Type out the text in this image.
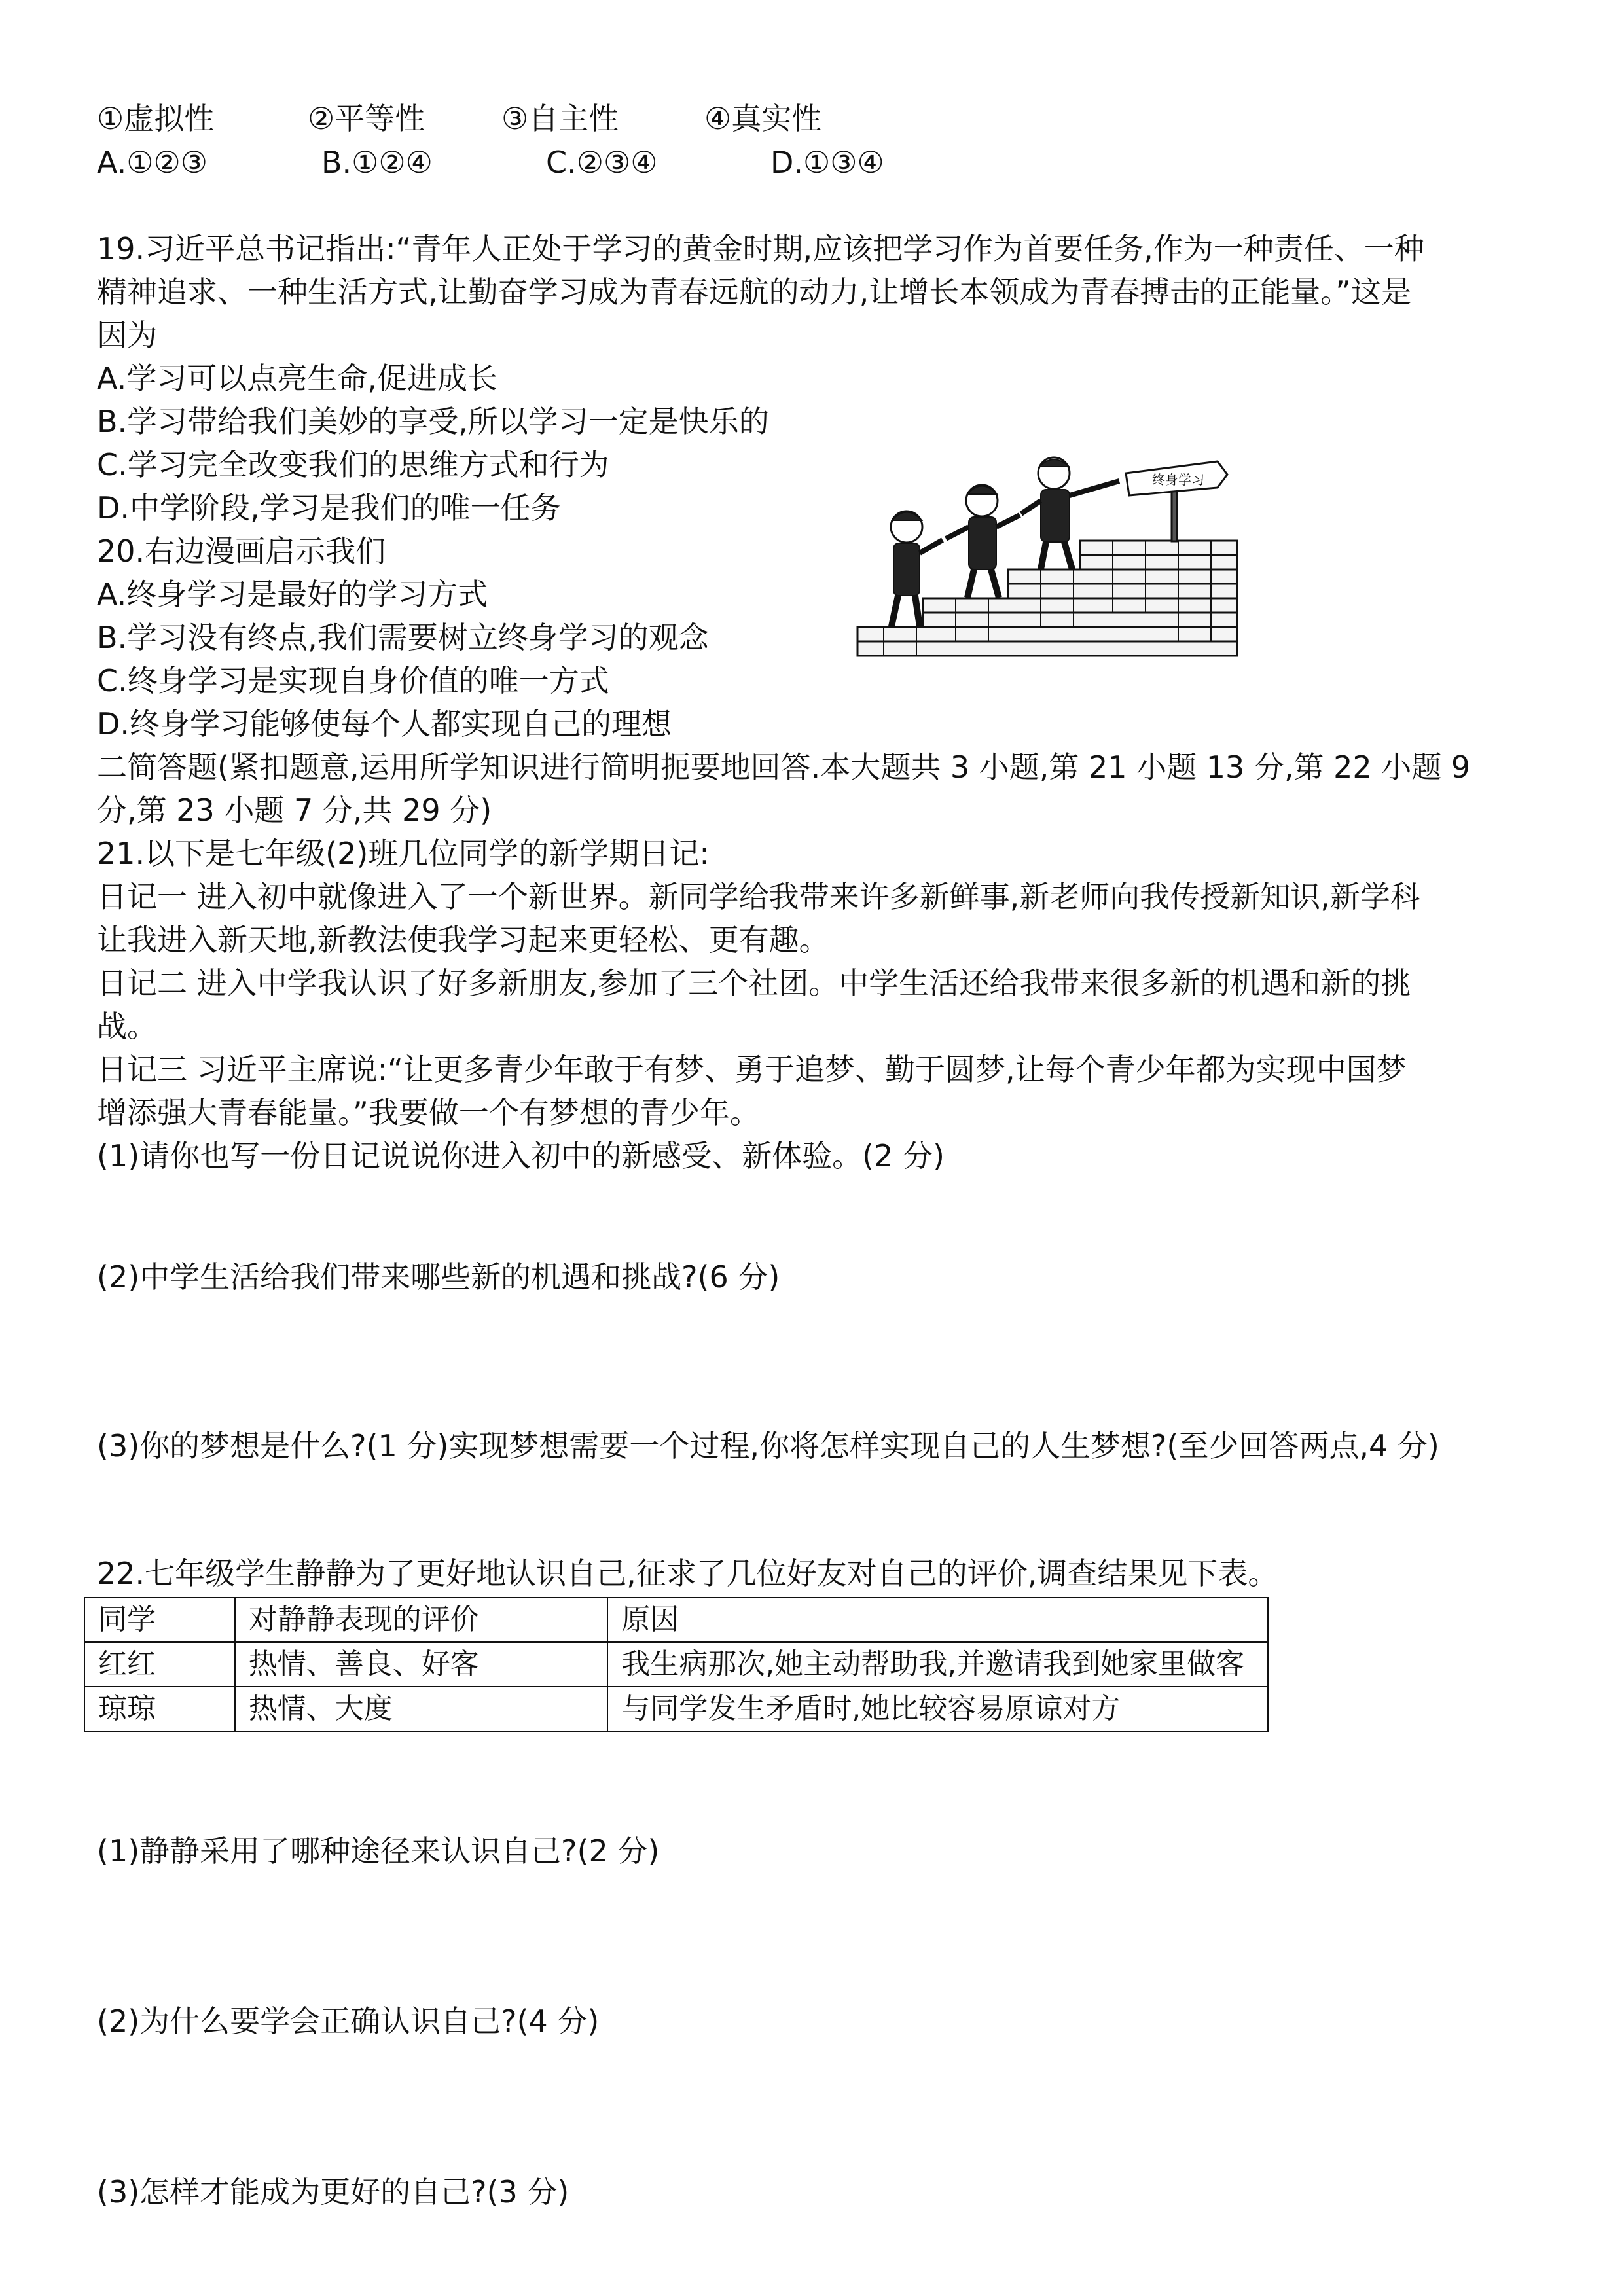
①虚拟性	②平等性	③自主性	④真实性
A.①②③	B.①②④	C.②③④	D.①③④
19.习近平总书记指出:“青年人正处于学习的黄金时期,应该把学习作为首要任务,作为一种责任、一种
精神追求、一种生活方式,让勤奋学习成为青春远航的动力,让增长本领成为青春搏击的正能量。”这是
因为
A.学习可以点亮生命,促进成长
B.学习带给我们美妙的享受,所以学习一定是快乐的
C.学习完全改变我们的思维方式和行为
D.中学阶段,学习是我们的唯一任务
20.右边漫画启示我们
A.终身学习是最好的学习方式
B.学习没有终点,我们需要树立终身学习的观念
C.终身学习是实现自身价值的唯一方式
D.终身学习能够使每个人都实现自己的理想
终身学习
二简答题(紧扣题意,运用所学知识进行简明扼要地回答.本大题共 3 小题,第 21 小题 13 分,第 22 小题 9
分,第 23 小题 7 分,共 29 分)
21.以下是七年级(2)班几位同学的新学期日记:
日记一 进入初中就像进入了一个新世界。新同学给我带来许多新鲜事,新老师向我传授新知识,新学科
让我进入新天地,新教法使我学习起来更轻松、更有趣。
日记二 进入中学我认识了好多新朋友,参加了三个社团。中学生活还给我带来很多新的机遇和新的挑
战。
日记三 习近平主席说:“让更多青少年敢于有梦、勇于追梦、勤于圆梦,让每个青少年都为实现中国梦
增添强大青春能量。”我要做一个有梦想的青少年。
(1)请你也写一份日记说说你进入初中的新感受、新体验。(2 分)
(2)中学生活给我们带来哪些新的机遇和挑战?(6 分)
(3)你的梦想是什么?(1 分)实现梦想需要一个过程,你将怎样实现自己的人生梦想?(至少回答两点,4 分)
22.七年级学生静静为了更好地认识自己,征求了几位好友对自己的评价,调查结果见下表。
同学	对静静表现的评价	原因
红红	热情、善良、好客	我生病那次,她主动帮助我,并邀请我到她家里做客
琼琼	热情、大度	与同学发生矛盾时,她比较容易原谅对方
(1)静静采用了哪种途径来认识自己?(2 分)
(2)为什么要学会正确认识自己?(4 分)
(3)怎样才能成为更好的自己?(3 分)
